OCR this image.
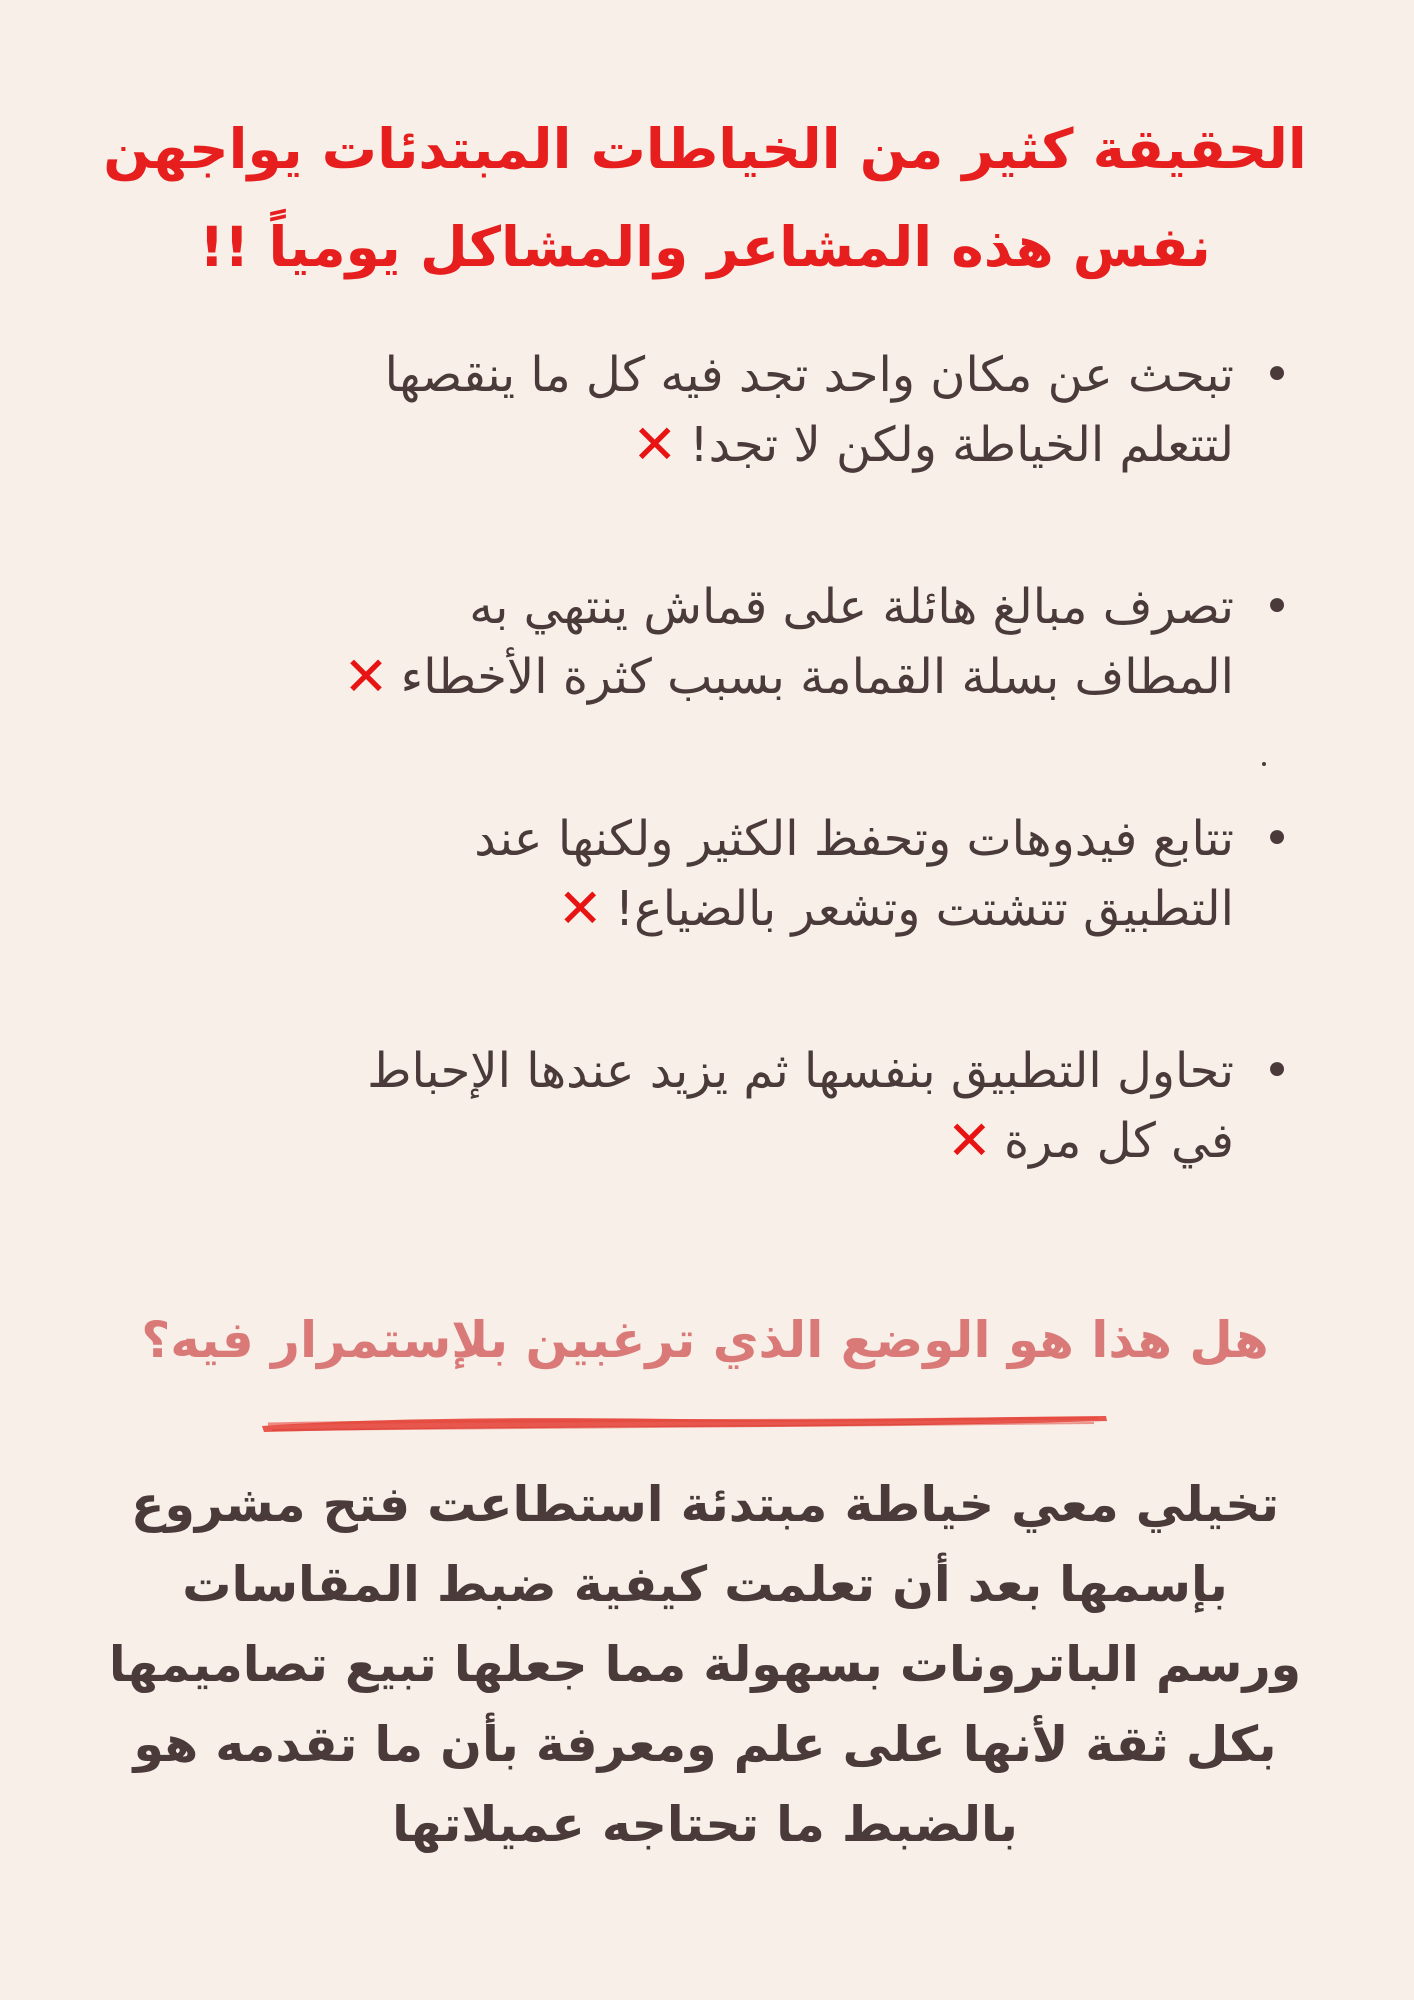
الحقيقة كثير من الخياطات المبتدئات يواجهن
نفس هذه المشاعر والمشاكل يومياً !!
•
تبحث عن مكان واحد تجد فيه كل ما ينقصها
لتتعلم الخياطة ولكن لا تجد!✕
•
تصرف مبالغ هائلة على قماش ينتهي به
المطاف بسلة القمامة بسبب كثرة الأخطاء✕
•
تتابع فيدوهات وتحفظ الكثير ولكنها عند
التطبيق تتشتت وتشعر بالضياع!✕
•
تحاول التطبيق بنفسها ثم يزيد عندها الإحباط
في كل مرة✕
هل هذا هو الوضع الذي ترغبين بلإستمرار فيه؟
تخيلي معي خياطة مبتدئة استطاعت فتح مشروع
بإسمها بعد أن تعلمت كيفية ضبط المقاسات
ورسم الباترونات بسهولة مما جعلها تبيع تصاميمها
بكل ثقة لأنها على علم ومعرفة بأن ما تقدمه هو
بالضبط ما تحتاجه عميلاتها
